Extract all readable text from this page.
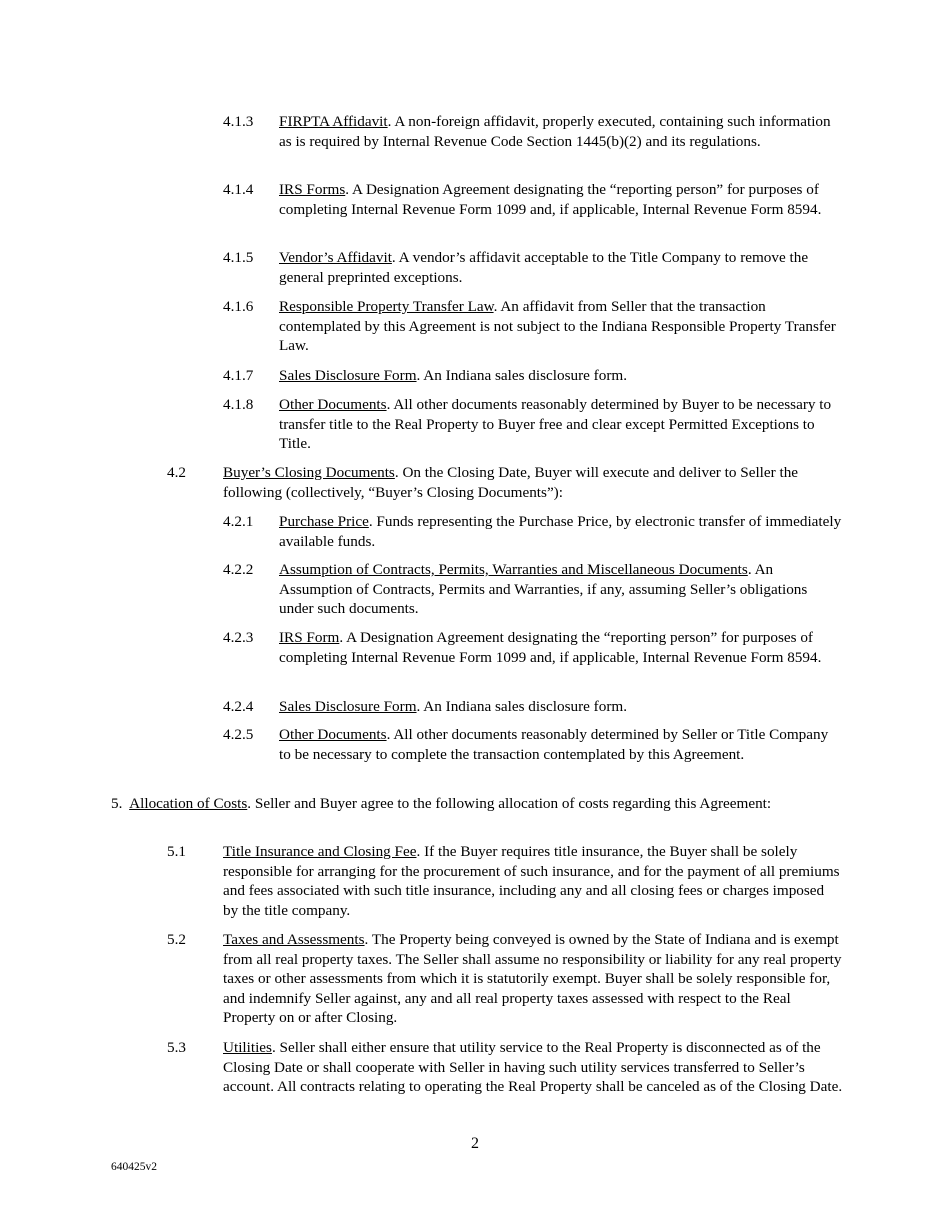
4.1.3 FIRPTA Affidavit. A non-foreign affidavit, properly executed, containing such information as is required by Internal Revenue Code Section 1445(b)(2) and its regulations.
4.1.4 IRS Forms. A Designation Agreement designating the “reporting person” for purposes of completing Internal Revenue Form 1099 and, if applicable, Internal Revenue Form 8594.
4.1.5 Vendor’s Affidavit. A vendor’s affidavit acceptable to the Title Company to remove the general preprinted exceptions.
4.1.6 Responsible Property Transfer Law. An affidavit from Seller that the transaction contemplated by this Agreement is not subject to the Indiana Responsible Property Transfer Law.
4.1.7 Sales Disclosure Form. An Indiana sales disclosure form.
4.1.8 Other Documents. All other documents reasonably determined by Buyer to be necessary to transfer title to the Real Property to Buyer free and clear except Permitted Exceptions to Title.
4.2 Buyer’s Closing Documents. On the Closing Date, Buyer will execute and deliver to Seller the following (collectively, “Buyer’s Closing Documents”):
4.2.1 Purchase Price. Funds representing the Purchase Price, by electronic transfer of immediately available funds.
4.2.2 Assumption of Contracts, Permits, Warranties and Miscellaneous Documents. An Assumption of Contracts, Permits and Warranties, if any, assuming Seller’s obligations under such documents.
4.2.3 IRS Form. A Designation Agreement designating the “reporting person” for purposes of completing Internal Revenue Form 1099 and, if applicable, Internal Revenue Form 8594.
4.2.4 Sales Disclosure Form. An Indiana sales disclosure form.
4.2.5 Other Documents. All other documents reasonably determined by Seller or Title Company to be necessary to complete the transaction contemplated by this Agreement.
5. Allocation of Costs. Seller and Buyer agree to the following allocation of costs regarding this Agreement:
5.1 Title Insurance and Closing Fee. If the Buyer requires title insurance, the Buyer shall be solely responsible for arranging for the procurement of such insurance, and for the payment of all premiums and fees associated with such title insurance, including any and all closing fees or charges imposed by the title company.
5.2 Taxes and Assessments. The Property being conveyed is owned by the State of Indiana and is exempt from all real property taxes. The Seller shall assume no responsibility or liability for any real property taxes or other assessments from which it is statutorily exempt. Buyer shall be solely responsible for, and indemnify Seller against, any and all real property taxes assessed with respect to the Real Property on or after Closing.
5.3 Utilities. Seller shall either ensure that utility service to the Real Property is disconnected as of the Closing Date or shall cooperate with Seller in having such utility services transferred to Seller’s account. All contracts relating to operating the Real Property shall be canceled as of the Closing Date.
2
640425v2
